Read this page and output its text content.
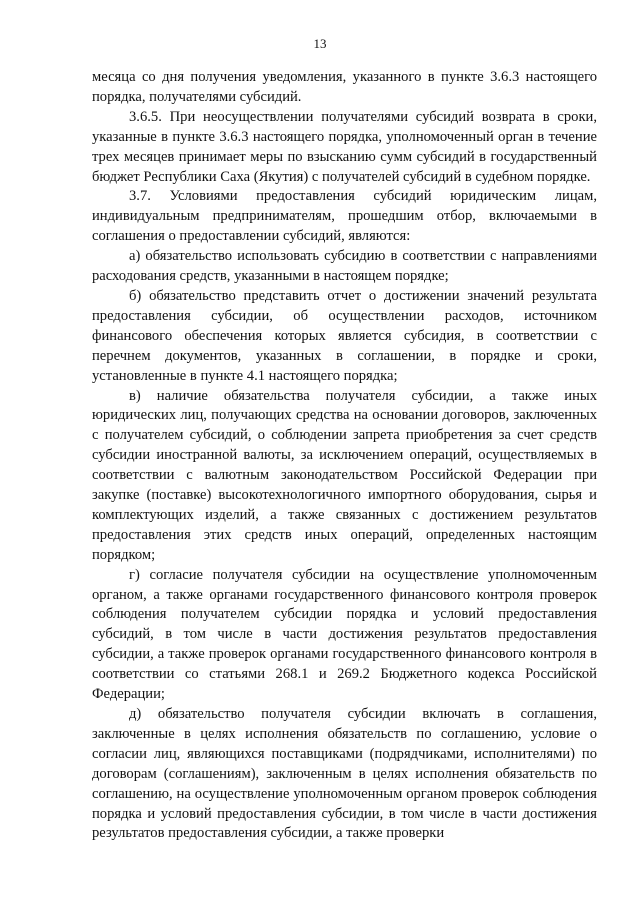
13

месяца со дня получения уведомления, указанного в пункте 3.6.3 настоящего порядка, получателями субсидий.

3.6.5. При неосуществлении получателями субсидий возврата в сроки, указанные в пункте 3.6.3 настоящего порядка, уполномоченный орган в течение трех месяцев принимает меры по взысканию сумм субсидий в государственный бюджет Республики Саха (Якутия) с получателей субсидий в судебном порядке.

3.7. Условиями предоставления субсидий юридическим лицам, индивидуальным предпринимателям, прошедшим отбор, включаемыми в соглашения о предоставлении субсидий, являются:

а) обязательство использовать субсидию в соответствии с направлениями расходования средств, указанными в настоящем порядке;

б) обязательство представить отчет о достижении значений результата предоставления субсидии, об осуществлении расходов, источником финансового обеспечения которых является субсидия, в соответствии с перечнем документов, указанных в соглашении, в порядке и сроки, установленные в пункте 4.1 настоящего порядка;

в) наличие обязательства получателя субсидии, а также иных юридических лиц, получающих средства на основании договоров, заключенных с получателем субсидий, о соблюдении запрета приобретения за счет средств субсидии иностранной валюты, за исключением операций, осуществляемых в соответствии с валютным законодательством Российской Федерации при закупке (поставке) высокотехнологичного импортного оборудования, сырья и комплектующих изделий, а также связанных с достижением результатов предоставления этих средств иных операций, определенных настоящим порядком;

г) согласие получателя субсидии на осуществление уполномоченным органом, а также органами государственного финансового контроля проверок соблюдения получателем субсидии порядка и условий предоставления субсидий, в том числе в части достижения результатов предоставления субсидии, а также проверок органами государственного финансового контроля в соответствии со статьями 268.1 и 269.2 Бюджетного кодекса Российской Федерации;

д) обязательство получателя субсидии включать в соглашения, заключенные в целях исполнения обязательств по соглашению, условие о согласии лиц, являющихся поставщиками (подрядчиками, исполнителями) по договорам (соглашениям), заключенным в целях исполнения обязательств по соглашению, на осуществление уполномоченным органом проверок соблюдения порядка и условий предоставления субсидии, в том числе в части достижения результатов предоставления субсидии, а также проверки
